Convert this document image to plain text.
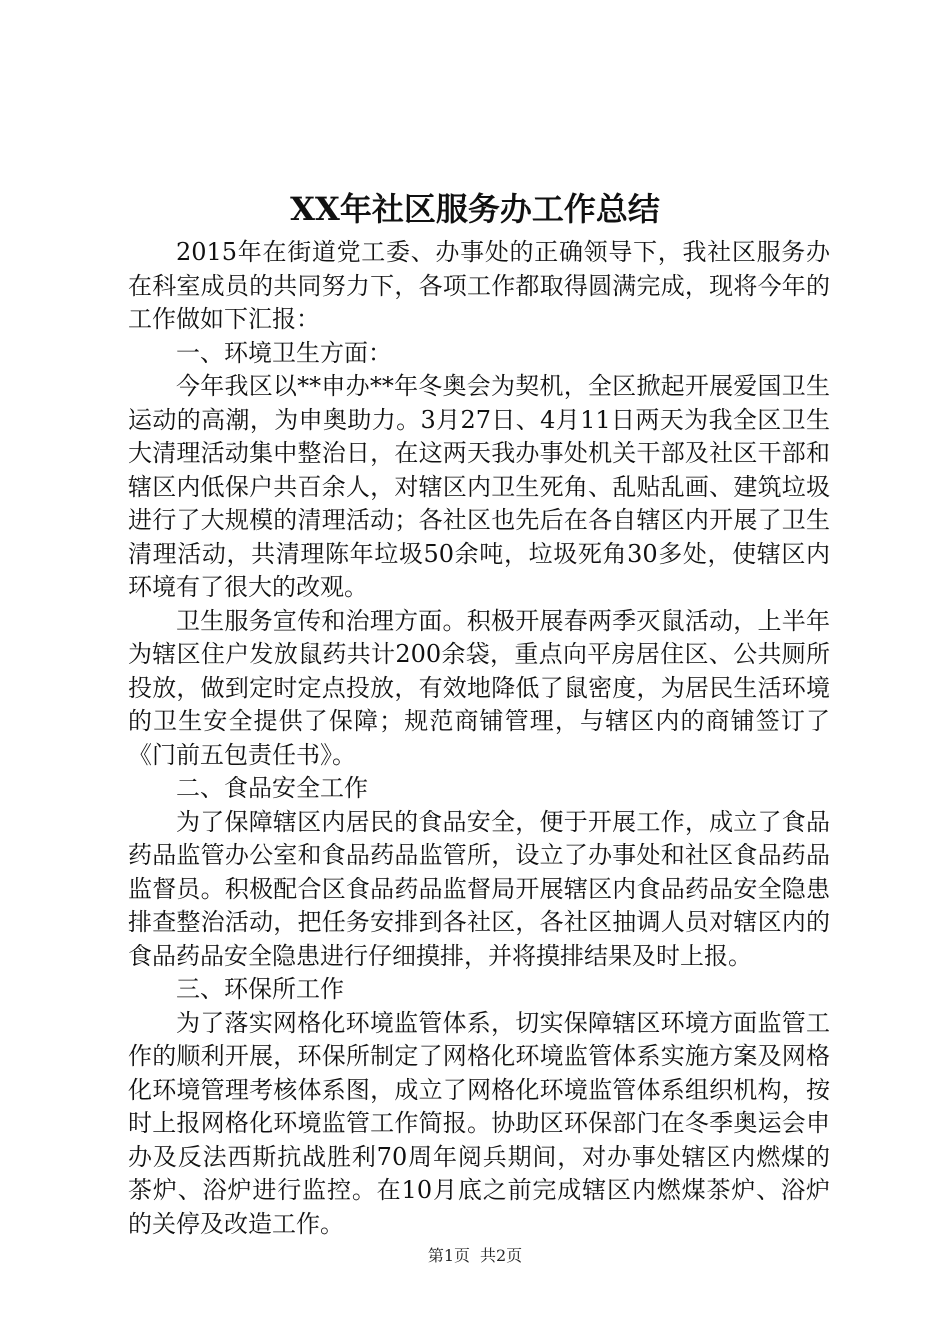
XX年社区服务办工作总结

2015年在街道党工委、办事处的正确领导下，我社区服务办在科室成员的共同努力下，各项工作都取得圆满完成，现将今年的工作做如下汇报：

一、环境卫生方面：

今年我区以**申办**年冬奥会为契机，全区掀起开展爱国卫生运动的高潮，为申奥助力。3月27日、4月11日两天为我全区卫生大清理活动集中整治日，在这两天我办事处机关干部及社区干部和辖区内低保户共百余人，对辖区内卫生死角、乱贴乱画、建筑垃圾进行了大规模的清理活动；各社区也先后在各自辖区内开展了卫生清理活动，共清理陈年垃圾50余吨，垃圾死角30多处，使辖区内环境有了很大的改观。

卫生服务宣传和治理方面。积极开展春两季灭鼠活动，上半年为辖区住户发放鼠药共计200余袋，重点向平房居住区、公共厕所投放，做到定时定点投放，有效地降低了鼠密度，为居民生活环境的卫生安全提供了保障；规范商铺管理，与辖区内的商铺签订了《门前五包责任书》。

二、食品安全工作

为了保障辖区内居民的食品安全，便于开展工作，成立了食品药品监管办公室和食品药品监管所，设立了办事处和社区食品药品监督员。积极配合区食品药品监督局开展辖区内食品药品安全隐患排查整治活动，把任务安排到各社区，各社区抽调人员对辖区内的食品药品安全隐患进行仔细摸排，并将摸排结果及时上报。

三、环保所工作

为了落实网格化环境监管体系，切实保障辖区环境方面监管工作的顺利开展，环保所制定了网格化环境监管体系实施方案及网格化环境管理考核体系图，成立了网格化环境监管体系组织机构，按时上报网格化环境监管工作简报。协助区环保部门在冬季奥运会申办及反法西斯抗战胜利70周年阅兵期间，对办事处辖区内燃煤的茶炉、浴炉进行监控。在10月底之前完成辖区内燃煤茶炉、浴炉的关停及改造工作。

第1页 共2页
